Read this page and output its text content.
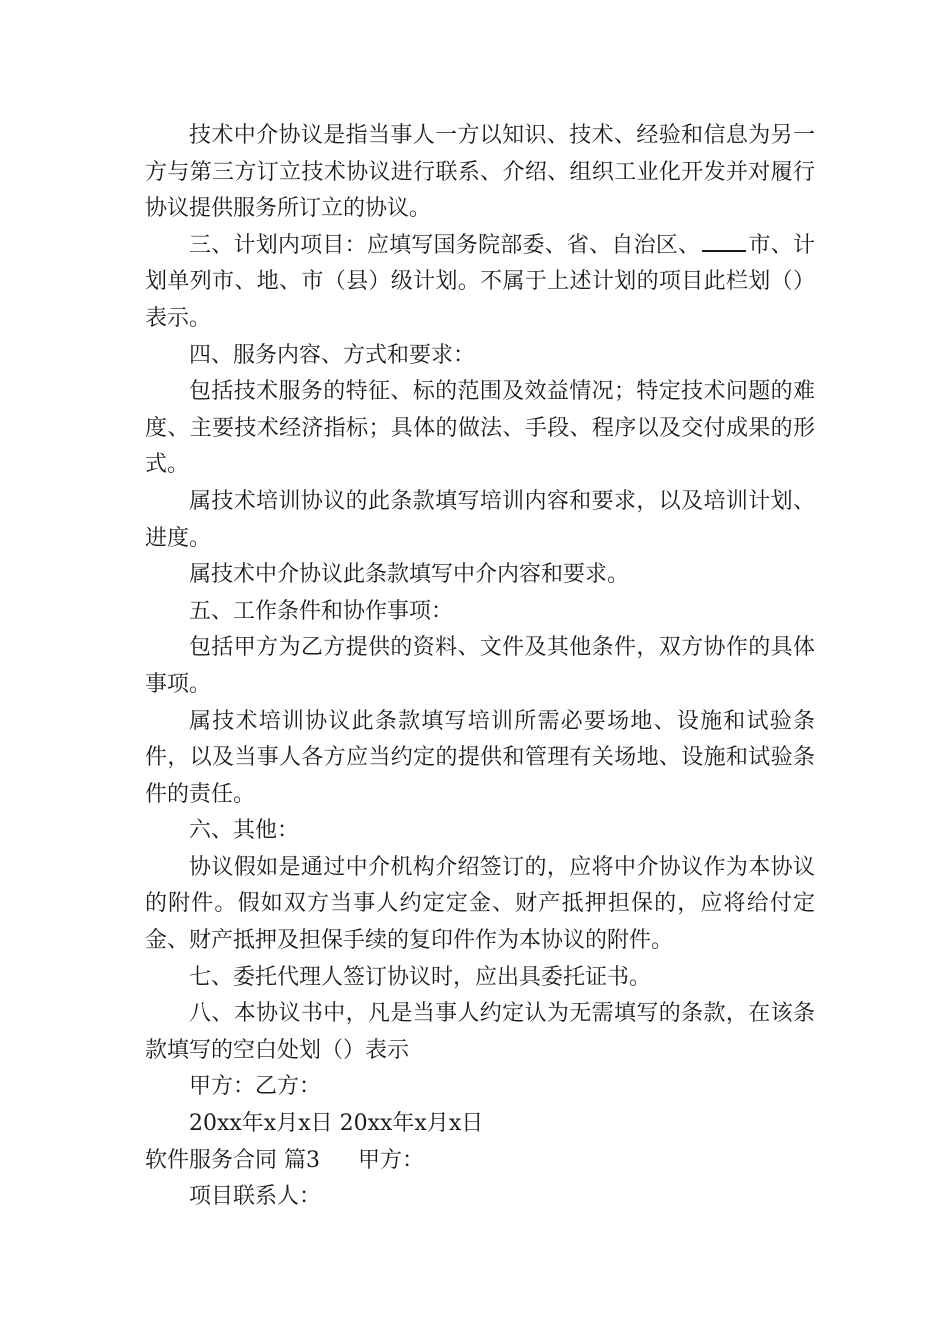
技术中介协议是指当事人一方以知识、技术、经验和信息为另一方与第三方订立技术协议进行联系、介绍、组织工业化开发并对履行协议提供服务所订立的协议。

三、计划内项目：应填写国务院部委、省、自治区、 市、计划单列市、地、市（县）级计划。不属于上述计划的项目此栏划（）表示。

四、服务内容、方式和要求：

包括技术服务的特征、标的范围及效益情况；特定技术问题的难度、主要技术经济指标；具体的做法、手段、程序以及交付成果的形式。

属技术培训协议的此条款填写培训内容和要求，以及培训计划、进度。

属技术中介协议此条款填写中介内容和要求。

五、工作条件和协作事项：

包括甲方为乙方提供的资料、文件及其他条件，双方协作的具体事项。

属技术培训协议此条款填写培训所需必要场地、设施和试验条件，以及当事人各方应当约定的提供和管理有关场地、设施和试验条件的责任。

六、其他：

协议假如是通过中介机构介绍签订的，应将中介协议作为本协议的附件。假如双方当事人约定定金、财产抵押担保的，应将给付定金、财产抵押及担保手续的复印件作为本协议的附件。

七、委托代理人签订协议时，应出具委托证书。

八、本协议书中，凡是当事人约定认为无需填写的条款，在该条款填写的空白处划（）表示

甲方：乙方：

20xx年x月x日 20xx年x月x日

软件服务合同 篇3 甲方：

项目联系人：
